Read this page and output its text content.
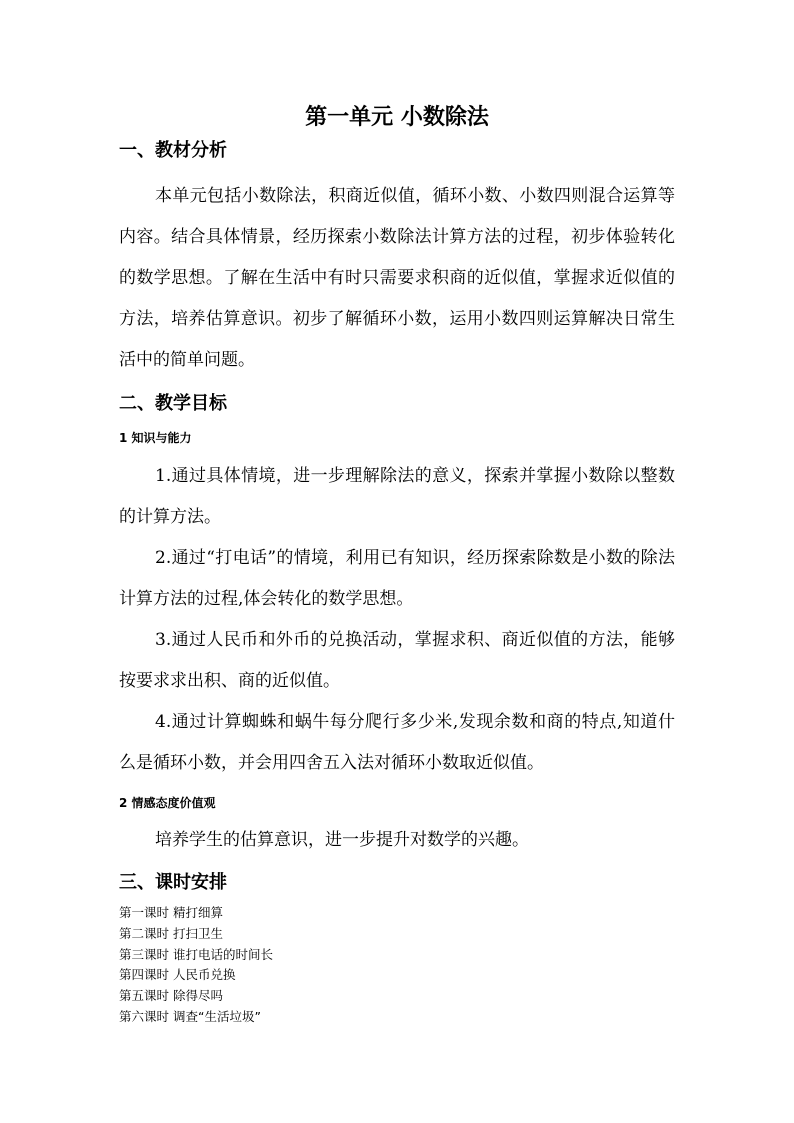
第一单元 小数除法
一、教材分析

本单元包括小数除法，积商近似值，循环小数、小数四则混合运算等内容。结合具体情景，经历探索小数除法计算方法的过程，初步体验转化的数学思想。了解在生活中有时只需要求积商的近似值，掌握求近似值的方法，培养估算意识。初步了解循环小数，运用小数四则运算解决日常生活中的简单问题。

二、教学目标
1 知识与能力

1.通过具体情境，进一步理解除法的意义，探索并掌握小数除以整数的计算方法。

2.通过“打电话”的情境，利用已有知识，经历探索除数是小数的除法计算方法的过程,体会转化的数学思想。

3.通过人民币和外币的兑换活动，掌握求积、商近似值的方法，能够按要求求出积、商的近似值。

4.通过计算蜘蛛和蜗牛每分爬行多少米,发现余数和商的特点,知道什么是循环小数，并会用四舍五入法对循环小数取近似值。

2 情感态度价值观

培养学生的估算意识，进一步提升对数学的兴趣。

三、课时安排
第一课时 精打细算
第二课时 打扫卫生
第三课时 谁打电话的时间长
第四课时 人民币兑换
第五课时 除得尽吗
第六课时 调查“生活垃圾”
